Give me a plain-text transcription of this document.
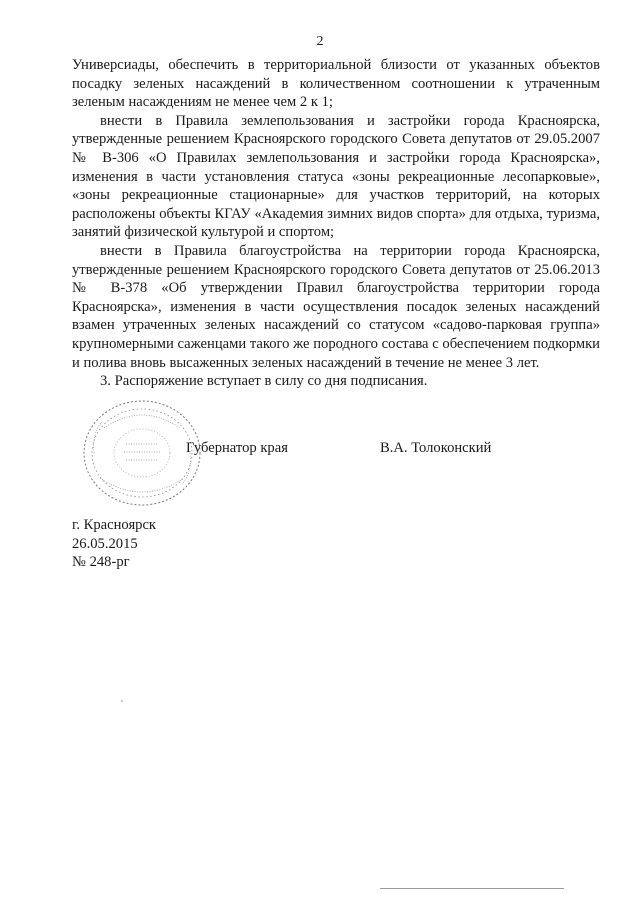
2

Универсиады, обеспечить в территориальной близости от указанных объектов посадку зеленых насаждений в количественном соотношении к утраченным зеленым насаждениям не менее чем 2 к 1;

внести в Правила землепользования и застройки города Красноярска, утвержденные решением Красноярского городского Совета депутатов от 29.05.2007 № В-306 «О Правилах землепользования и застройки города Красноярска», изменения в части установления статуса «зоны рекреационные лесопарковые», «зоны рекреационные стационарные» для участков территорий, на которых расположены объекты КГАУ «Академия зимних видов спорта» для отдыха, туризма, занятий физической культурой и спортом;

внести в Правила благоустройства на территории города Красноярска, утвержденные решением Красноярского городского Совета депутатов от 25.06.2013 № В-378 «Об утверждении Правил благоустройства территории города Красноярска», изменения в части осуществления посадок зеленых насаждений взамен утраченных зеленых насаждений со статусом «садово-парковая группа» крупномерными саженцами такого же породного состава с обеспечением подкормки и полива вновь высаженных зеленых насаждений в течение не менее 3 лет.

3. Распоряжение вступает в силу со дня подписания.

Губернатор края	В.А. Толоконский
г. Красноярск
26.05.2015
№ 248-рг
